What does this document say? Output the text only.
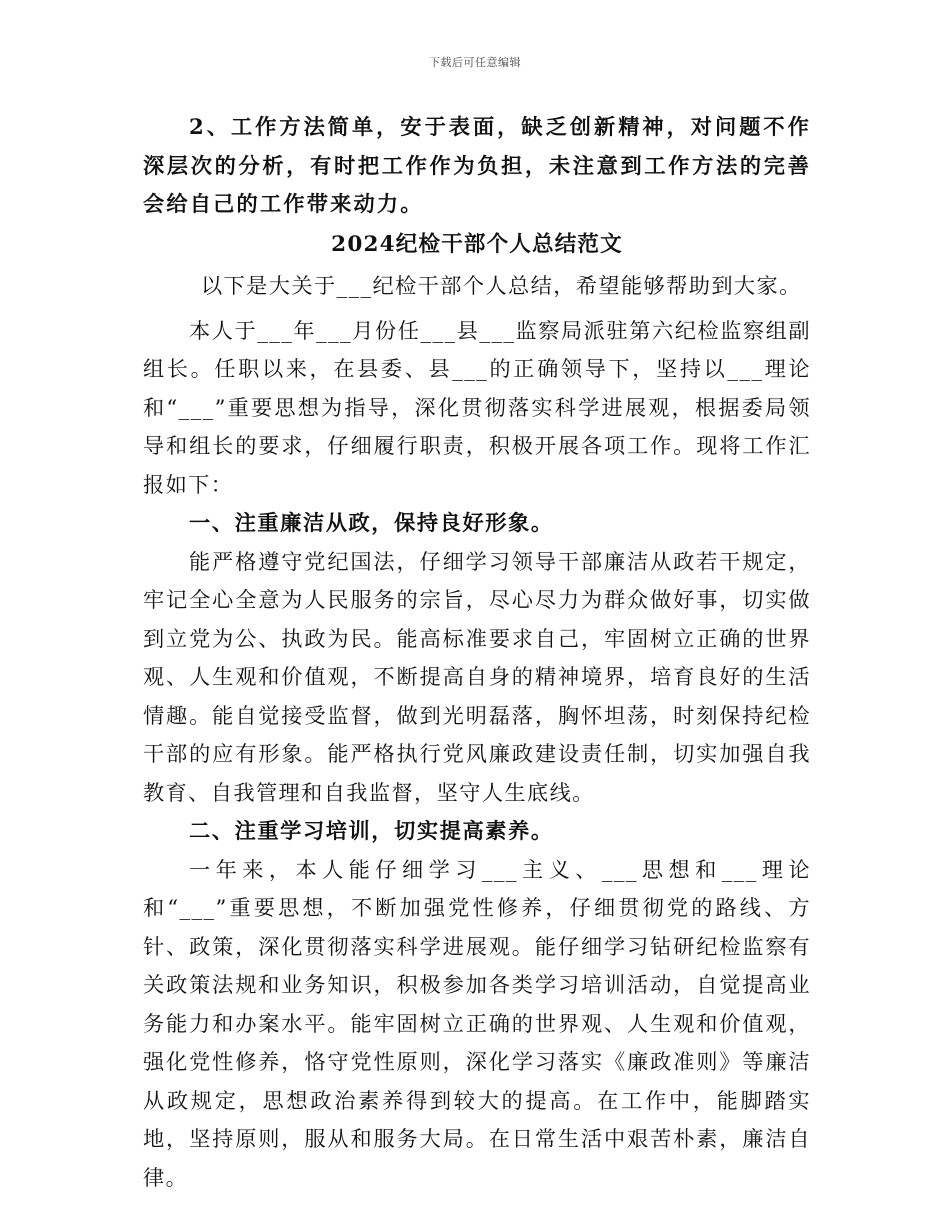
下载后可任意编辑

2、工作方法简单，安于表面，缺乏创新精神，对问题不作深层次的分析，有时把工作作为负担，未注意到工作方法的完善会给自己的工作带来动力。

2024纪检干部个人总结范文

以下是大关于___纪检干部个人总结，希望能够帮助到大家。

本人于___年___月份任___县___监察局派驻第六纪检监察组副组长。任职以来，在县委、县___的正确领导下，坚持以___理论和“___”重要思想为指导，深化贯彻落实科学进展观，根据委局领导和组长的要求，仔细履行职责，积极开展各项工作。现将工作汇报如下：

一、注重廉洁从政，保持良好形象。

能严格遵守党纪国法，仔细学习领导干部廉洁从政若干规定，牢记全心全意为人民服务的宗旨，尽心尽力为群众做好事，切实做到立党为公、执政为民。能高标准要求自己，牢固树立正确的世界观、人生观和价值观，不断提高自身的精神境界，培育良好的生活情趣。能自觉接受监督，做到光明磊落，胸怀坦荡，时刻保持纪检干部的应有形象。能严格执行党风廉政建设责任制，切实加强自我教育、自我管理和自我监督，坚守人生底线。

二、注重学习培训，切实提高素养。

一年来，本人能仔细学习___主义、___思想和___理论和“___”重要思想，不断加强党性修养，仔细贯彻党的路线、方针、政策，深化贯彻落实科学进展观。能仔细学习钻研纪检监察有关政策法规和业务知识，积极参加各类学习培训活动，自觉提高业务能力和办案水平。能牢固树立正确的世界观、人生观和价值观，强化党性修养，恪守党性原则，深化学习落实《廉政准则》等廉洁从政规定，思想政治素养得到较大的提高。在工作中，能脚踏实地，坚持原则，服从和服务大局。在日常生活中艰苦朴素，廉洁自律。
